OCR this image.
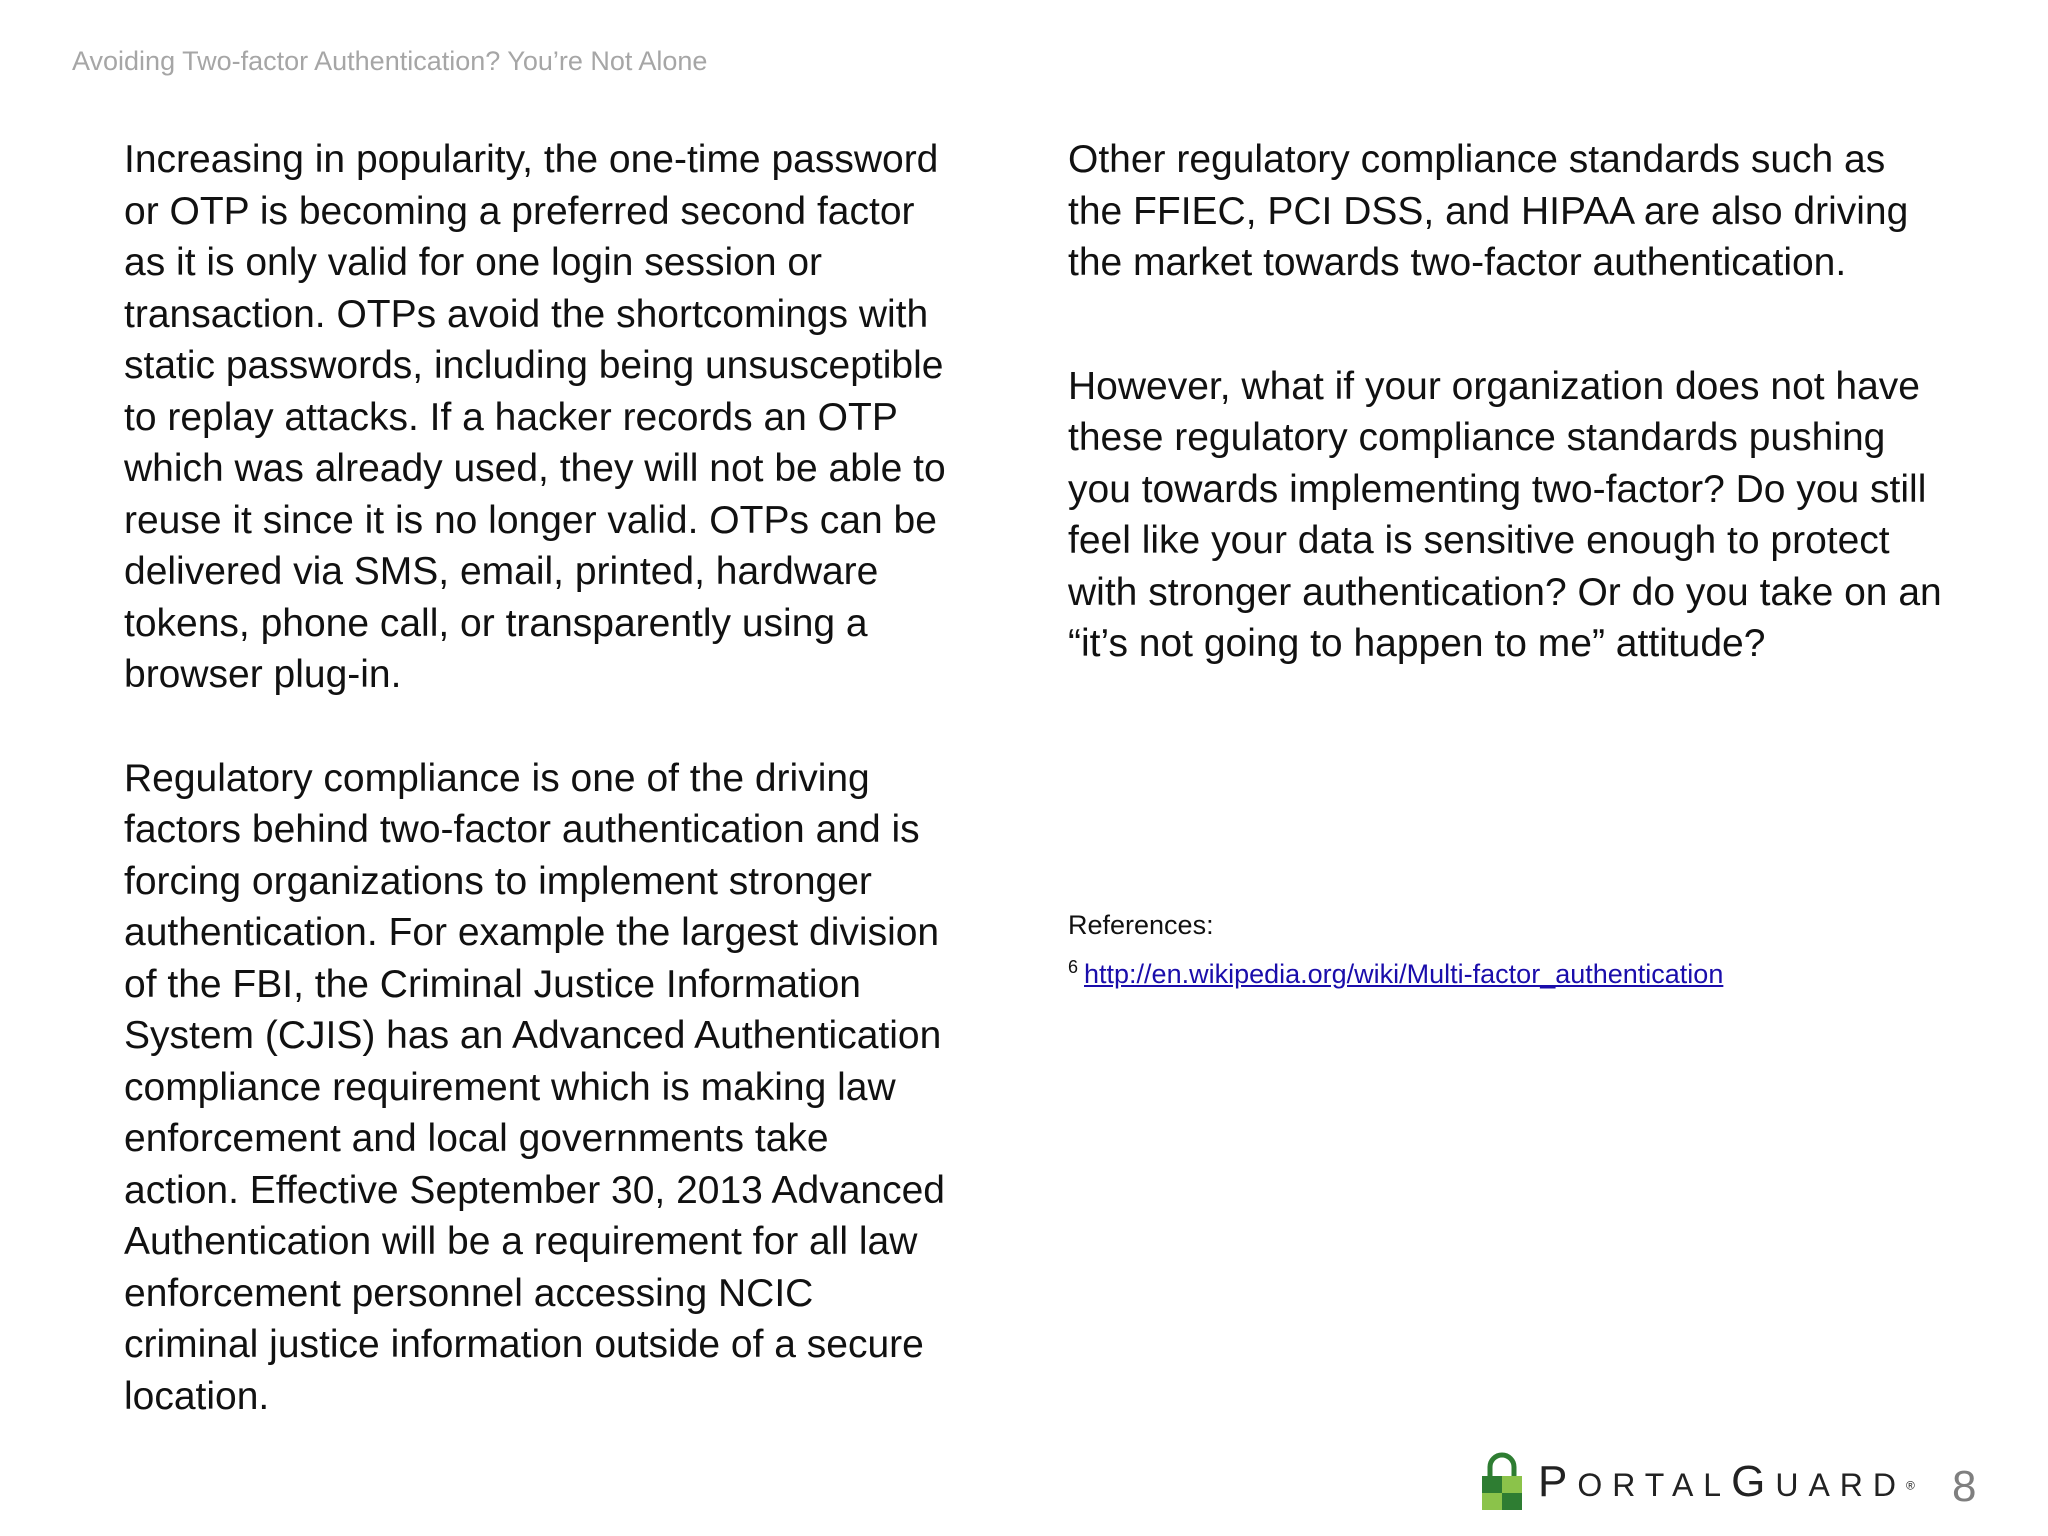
Avoiding Two-factor Authentication? You’re Not Alone

Increasing in popularity, the one-time password or OTP is becoming a preferred second factor as it is only valid for one login session or transaction. OTPs avoid the shortcomings with static passwords, including being unsusceptible to replay attacks. If a hacker records an OTP which was already used, they will not be able to reuse it since it is no longer valid. OTPs can be delivered via SMS, email, printed, hardware tokens, phone call, or transparently using a browser plug-in.

Regulatory compliance is one of the driving factors behind two-factor authentication and is forcing organizations to implement stronger authentication. For example the largest division of the FBI, the Criminal Justice Information System (CJIS) has an Advanced Authentication compliance requirement which is making law enforcement and local governments take action. Effective September 30, 2013 Advanced Authentication will be a requirement for all law enforcement personnel accessing NCIC criminal justice information outside of a secure location.

Other regulatory compliance standards such as the FFIEC, PCI DSS, and HIPAA are also driving the market towards two-factor authentication.

However, what if your organization does not have these regulatory compliance standards pushing you towards implementing two-factor? Do you still feel like your data is sensitive enough to protect with stronger authentication? Or do you take on an “it’s not going to happen to me” attitude?

References:
$^6$ http://en.wikipedia.org/wiki/Multi-factor_authentication
PORTALGUARD® 8
